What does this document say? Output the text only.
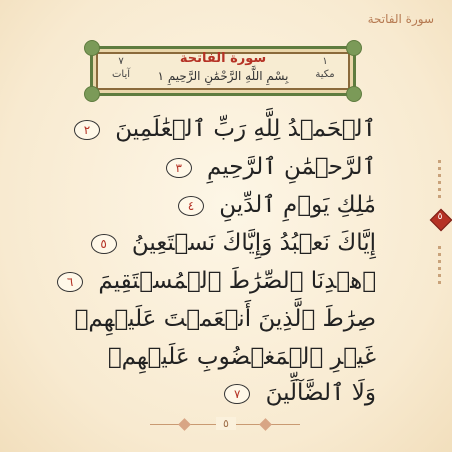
سورة الفاتحة
١
مكية
سورة الفاتحة
بِسْمِ اللَّهِ الرَّحْمَٰنِ الرَّحِيمِ ١
٧
آيات
ٱلۡحَمۡدُ لِلَّهِ رَبِّ ٱلۡعَٰلَمِينَ ٢
ٱلرَّحۡمَٰنِ ٱلرَّحِيمِ ٣
مَٰلِكِ يَوۡمِ ٱلدِّينِ ٤
إِيَّاكَ نَعۡبُدُ وَإِيَّاكَ نَسۡتَعِينُ ٥
ٱهۡدِنَا ٱلصِّرَٰطَ ٱلۡمُسۡتَقِيمَ ٦
صِرَٰطَ ٱلَّذِينَ أَنۡعَمۡتَ عَلَيۡهِمۡ
غَيۡرِ ٱلۡمَغۡضُوبِ عَلَيۡهِمۡ
وَلَا ٱلضَّآلِّينَ ٧
٥
٥
